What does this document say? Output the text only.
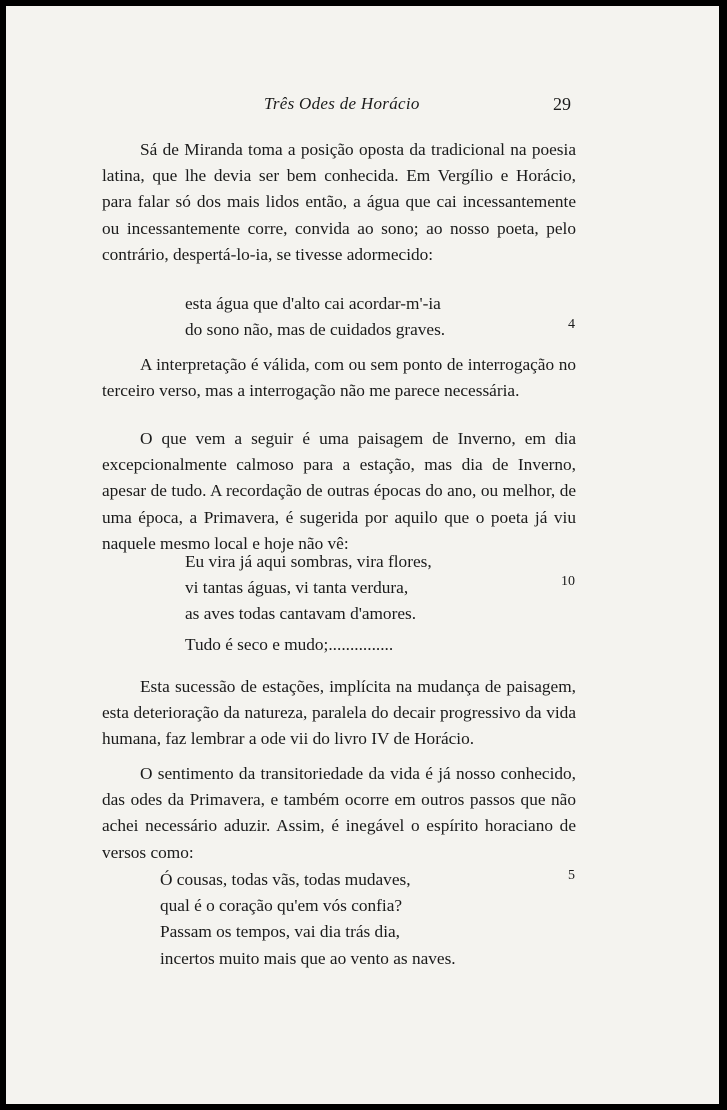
Três Odes de Horácio	29

Sá de Miranda toma a posição oposta da tradicional na poesia latina, que lhe devia ser bem conhecida. Em Vergílio e Horácio, para falar só dos mais lidos então, a água que cai incessantemente ou incessantemente corre, convida ao sono; ao nosso poeta, pelo contrário, despertá-lo-ia, se tivesse adormecido:

esta água que d'alto cai acordar-m'-ia
do sono não, mas de cuidados graves.	4

A interpretação é válida, com ou sem ponto de interrogação no terceiro verso, mas a interrogação não me parece necessária.

O que vem a seguir é uma paisagem de Inverno, em dia excepcionalmente calmoso para a estação, mas dia de Inverno, apesar de tudo. A recordação de outras épocas do ano, ou melhor, de uma época, a Primavera, é sugerida por aquilo que o poeta já viu naquele mesmo local e hoje não vê:

Eu vira já aqui sombras, vira flores,
vi tantas águas, vi tanta verdura,
as aves todas cantavam d'amores.
10
Tudo é seco e mudo;...............

Esta sucessão de estações, implícita na mudança de paisagem, esta deterioração da natureza, paralela do decair progressivo da vida humana, faz lembrar a ode vii do livro IV de Horácio.

O sentimento da transitoriedade da vida é já nosso conhecido, das odes da Primavera, e também ocorre em outros passos que não achei necessário aduzir. Assim, é inegável o espírito horaciano de versos como:

Ó cousas, todas vãs, todas mudaves,
qual é o coração qu'em vós confia?
Passam os tempos, vai dia trás dia,
incertos muito mais que ao vento as naves.
5
